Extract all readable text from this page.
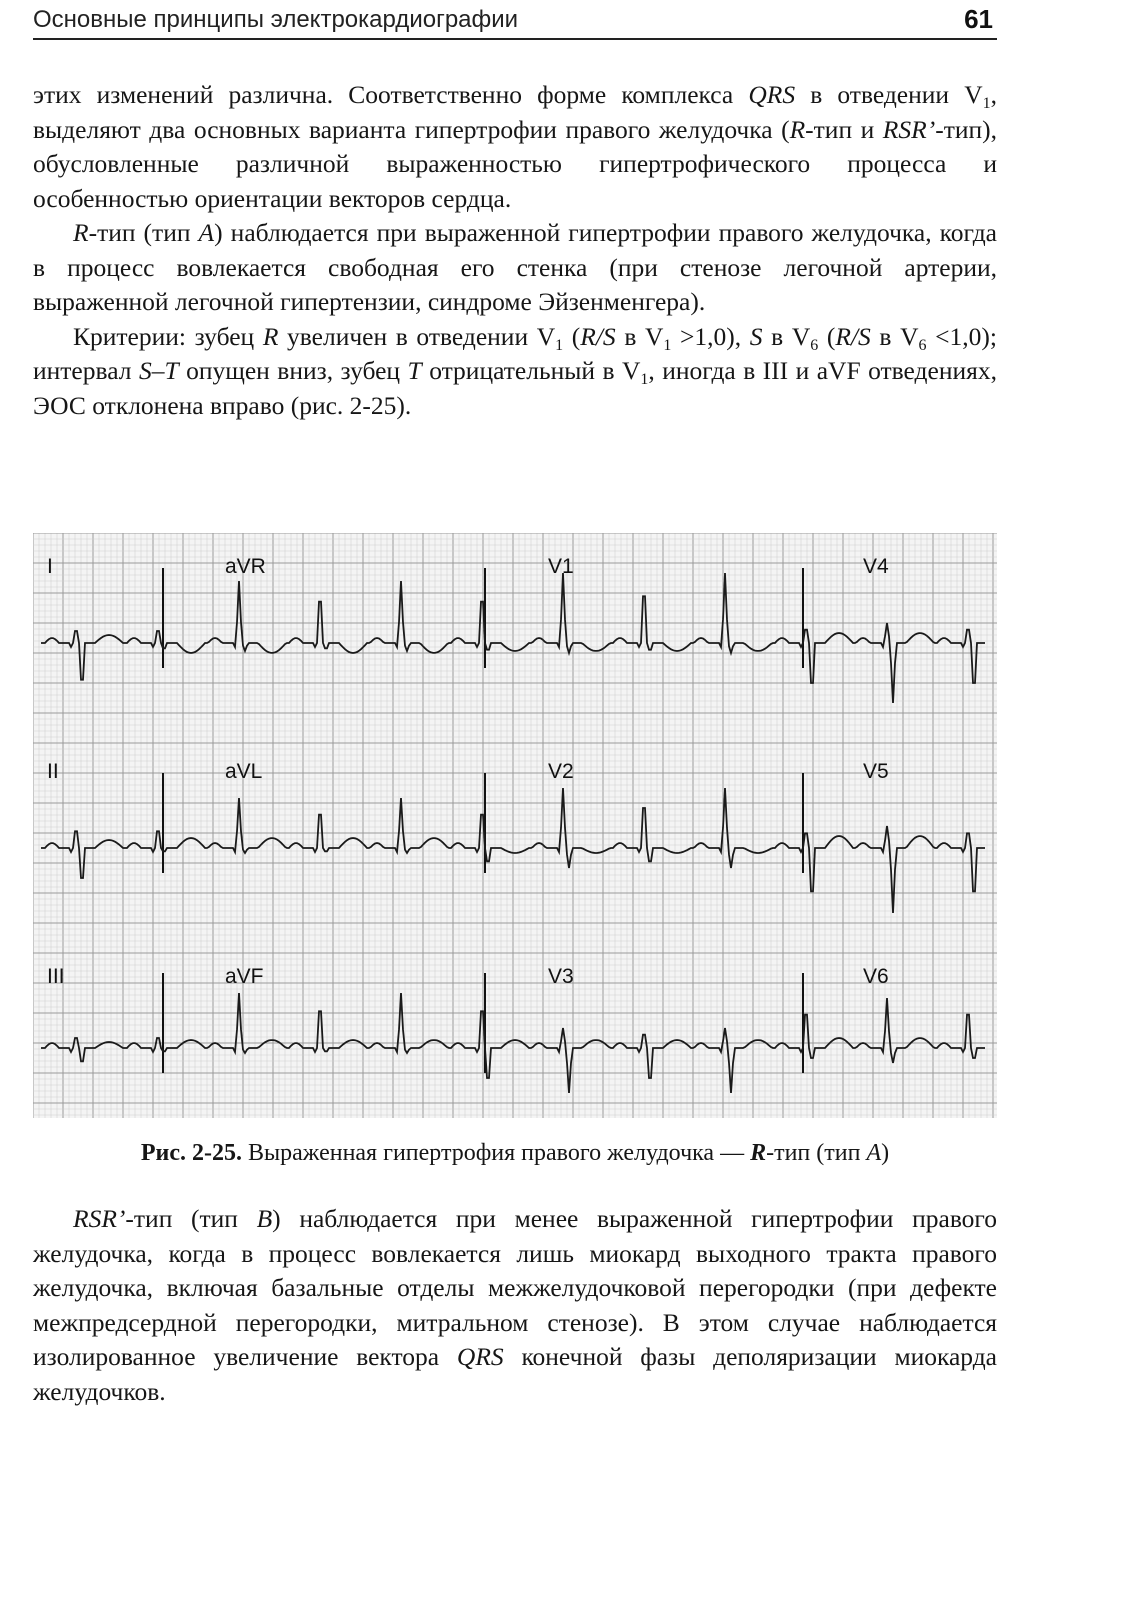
Основные принципы электрокардиографии	61

этих изменений различна. Соответственно форме комплекса QRS в отведении $V_1$, выделяют два основных варианта гипертрофии правого желудочка (R-тип и RSR’-тип), обусловленные различной выраженностью гипертрофического процесса и особенностью ориентации векторов сердца.

R-тип (тип A) наблюдается при выраженной гипертрофии правого желудочка, когда в процесс вовлекается свободная его стенка (при стенозе легочной артерии, выраженной легочной гипертензии, синдроме Эйзенменгера).

Критерии: зубец R увеличен в отведении $V_1$ (R/S в $V_1 >1,0$), S в $V_6$ (R/S в $V_6 <1,0$); интервал S–T опущен вниз, зубец T отрицательный в $V_1$, иногда в III и aVF отведениях, ЭОС отклонена вправо (рис. 2-25).

I	aVR	V1	V4
II	aVL	V2	V5
III	aVF	V3	V6
Рис. 2-25. Выраженная гипертрофия правого желудочка — R-тип (тип A)

RSR’-тип (тип B) наблюдается при менее выраженной гипертрофии правого желудочка, когда в процесс вовлекается лишь миокард выходного тракта правого желудочка, включая базальные отделы межжелудочковой перегородки (при дефекте межпредсердной перегородки, митральном стенозе). В этом случае наблюдается изолированное увеличение вектора QRS конечной фазы деполяризации миокарда желудочков.
